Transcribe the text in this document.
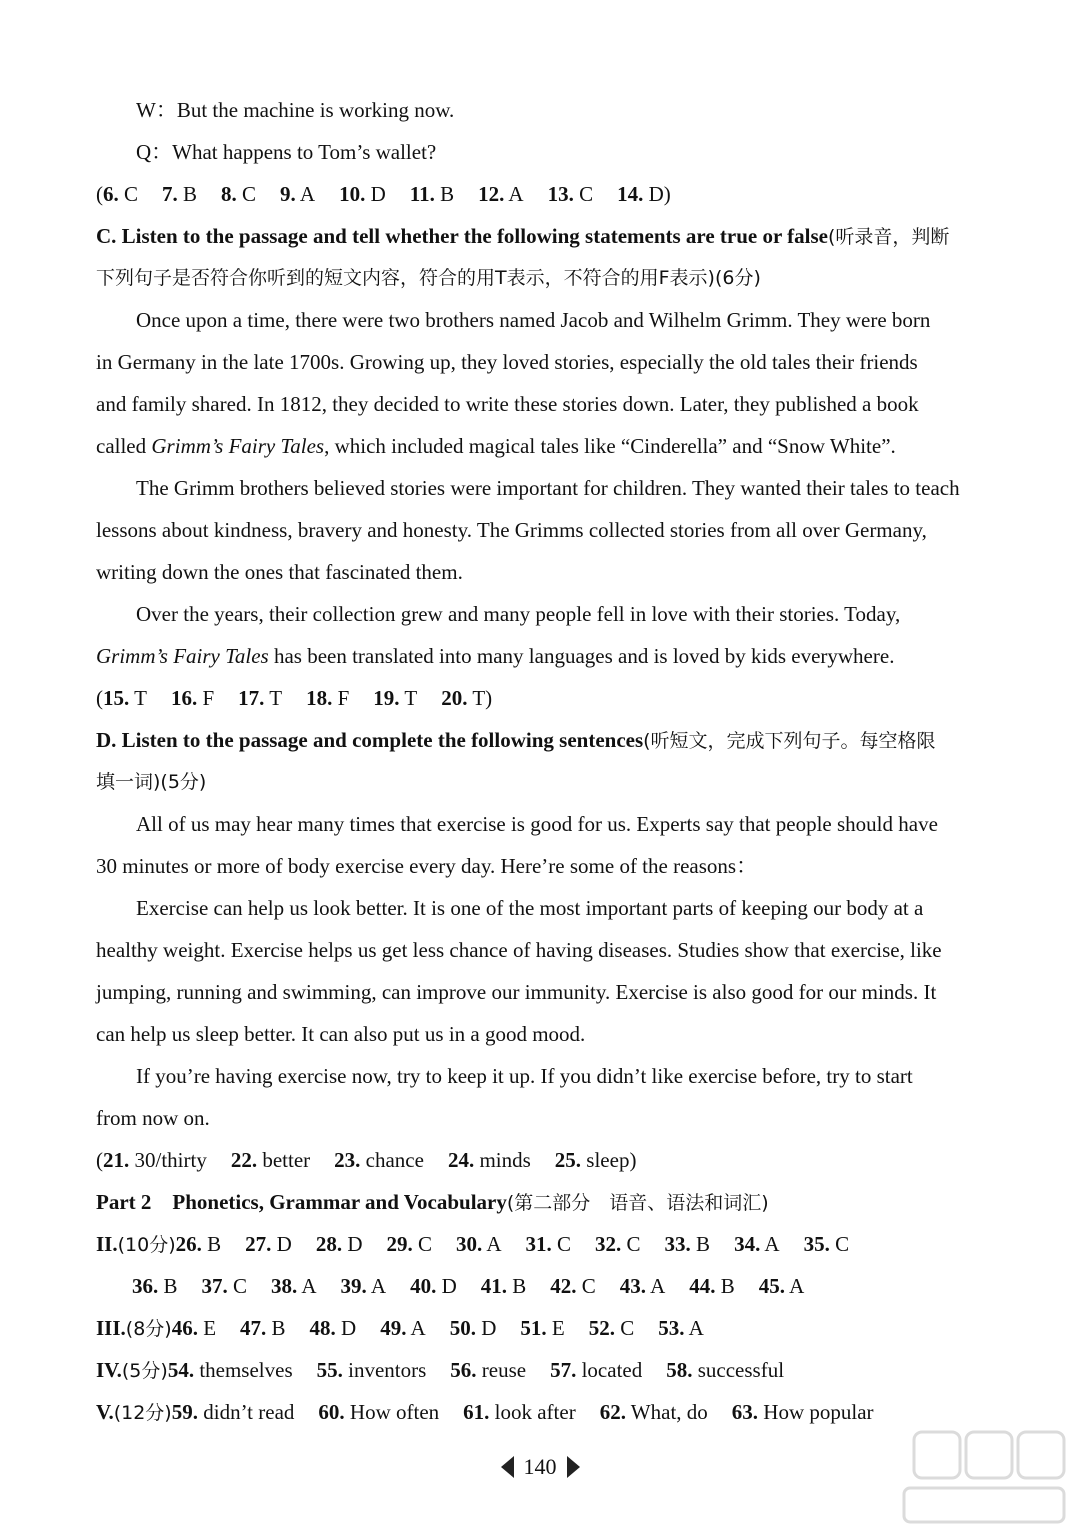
W：But the machine is working now.
Q：What happens to Tom’s wallet?
(6. C 7. B 8. C 9. A 10. D 11. B 12. A 13. C 14. D)
C. Listen to the passage and tell whether the following statements are true or false(听录音，判断
下列句子是否符合你听到的短文内容，符合的用T表示，不符合的用F表示)(6分)
Once upon a time, there were two brothers named Jacob and Wilhelm Grimm. They were born
in Germany in the late 1700s. Growing up, they loved stories, especially the old tales their friends
and family shared. In 1812, they decided to write these stories down. Later, they published a book
called Grimm’s Fairy Tales, which included magical tales like “Cinderella” and “Snow White”.
The Grimm brothers believed stories were important for children. They wanted their tales to teach
lessons about kindness, bravery and honesty. The Grimms collected stories from all over Germany,
writing down the ones that fascinated them.
Over the years, their collection grew and many people fell in love with their stories. Today,
Grimm’s Fairy Tales has been translated into many languages and is loved by kids everywhere.
(15. T 16. F 17. T 18. F 19. T 20. T)
D. Listen to the passage and complete the following sentences(听短文，完成下列句子。每空格限
填一词)(5分)
All of us may hear many times that exercise is good for us. Experts say that people should have
30 minutes or more of body exercise every day. Here’re some of the reasons：
Exercise can help us look better. It is one of the most important parts of keeping our body at a
healthy weight. Exercise helps us get less chance of having diseases. Studies show that exercise, like
jumping, running and swimming, can improve our immunity. Exercise is also good for our minds. It
can help us sleep better. It can also put us in a good mood.
If you’re having exercise now, try to keep it up. If you didn’t like exercise before, try to start
from now on.
(21. 30/thirty 22. better 23. chance 24. minds 25. sleep)
Part 2　Phonetics, Grammar and Vocabulary(第二部分　语音、语法和词汇)
II.(10分)26. B 27. D 28. D 29. C 30. A 31. C 32. C 33. B 34. A 35. C
36. B 37. C 38. A 39. A 40. D 41. B 42. C 43. A 44. B 45. A
III.(8分)46. E 47. B 48. D 49. A 50. D 51. E 52. C 53. A
IV.(5分)54. themselves 55. inventors 56. reuse 57. located 58. successful
V.(12分)59. didn’t read 60. How often 61. look after 62. What, do 63. How popular
140
